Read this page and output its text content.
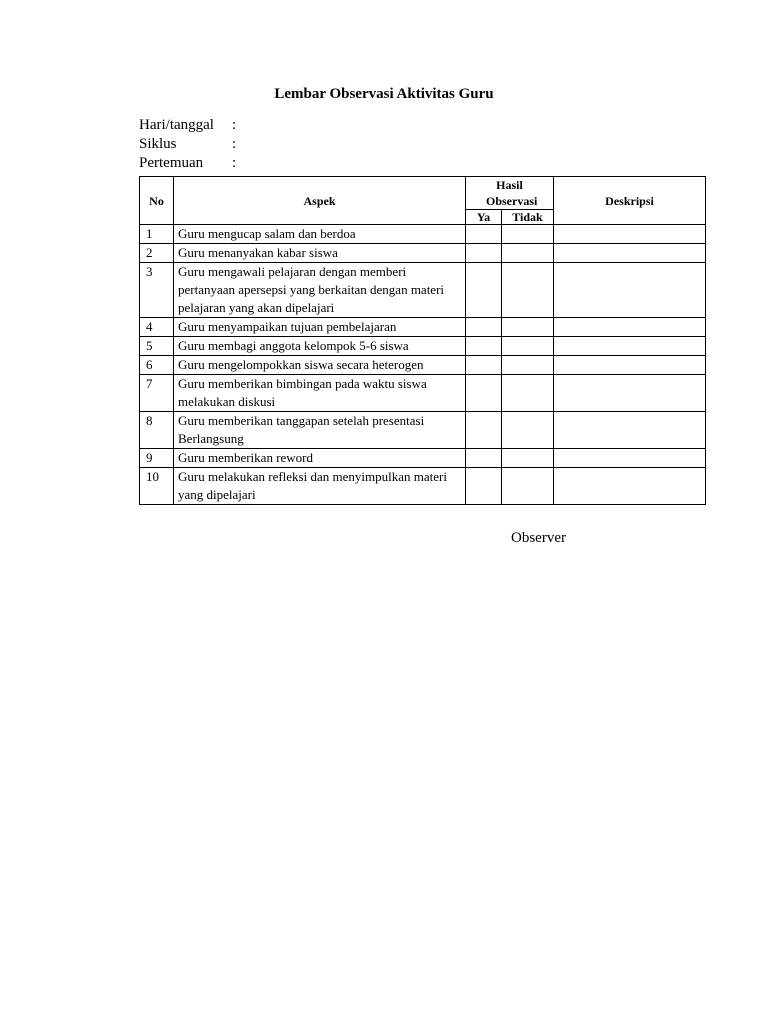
Lembar Observasi Aktivitas Guru
Hari/tanggal :
Siklus	:
Pertemuan :
No	Aspek	Hasil Observasi		Deskripsi
		Ya	Tidak	
1	Guru mengucap salam dan berdoa			
2	Guru menanyakan kabar siswa			
3	Guru mengawali pelajaran dengan memberi pertanyaan apersepsi yang berkaitan dengan materi pelajaran yang akan dipelajari			
4	Guru menyampaikan tujuan pembelajaran			
5	Guru membagi anggota kelompok 5-6 siswa			
6	Guru mengelompokkan siswa secara heterogen			
7	Guru memberikan bimbingan pada waktu siswa melakukan diskusi			
8	Guru memberikan tanggapan setelah presentasi Berlangsung			
9	Guru memberikan reword			
10	Guru melakukan refleksi dan menyimpulkan materi yang dipelajari			
Observer
